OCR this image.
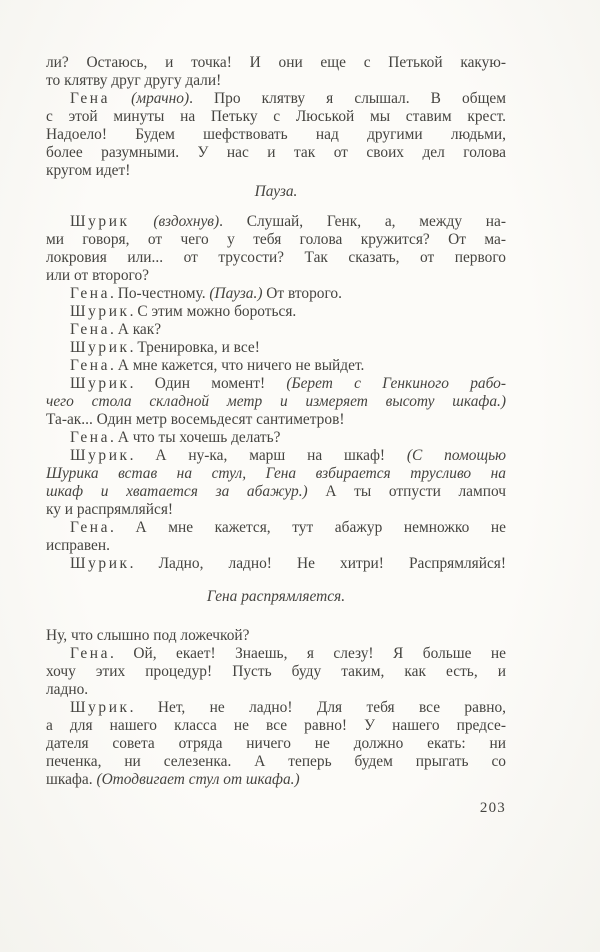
ли? Остаюсь, и точка! И они еще с Петькой какую-
то клятву друг другу дали!
Гена (мрачно). Про клятву я слышал. В общем
с этой минуты на Петьку с Люськой мы ставим крест.
Надоело! Будем шефствовать над другими людьми,
более разумными. У нас и так от своих дел голова
кругом идет!
Пауза.
Шурик (вздохнув). Слушай, Генк, а, между на-
ми говоря, от чего у тебя голова кружится? От ма-
локровия или... от трусости? Так сказать, от первого
или от второго?
Гена. По-честному. (Пауза.) От второго.
Шурик. С этим можно бороться.
Гена. А как?
Шурик. Тренировка, и все!
Гена. А мне кажется, что ничего не выйдет.
Шурик. Один момент! (Берет с Генкиного рабо-
чего стола складной метр и измеряет высоту шкафа.)
Та-ак... Один метр восемьдесят сантиметров!
Гена. А что ты хочешь делать?
Шурик. А ну-ка, марш на шкаф! (С помощью
Шурика встав на стул, Гена взбирается трусливо на
шкаф и хватается за абажур.) А ты отпусти лампоч
ку и распрямляйся!
Гена. А мне кажется, тут абажур немножко не
исправен.
Шурик. Ладно, ладно! Не хитри! Распрямляйся!
Гена распрямляется.
Ну, что слышно под ложечкой?
Гена. Ой, екает! Знаешь, я слезу! Я больше не
хочу этих процедур! Пусть буду таким, как есть, и
ладно.
Шурик. Нет, не ладно! Для тебя все равно,
а для нашего класса не все равно! У нашего предсе-
дателя совета отряда ничего не должно екать: ни
печенка, ни селезенка. А теперь будем прыгать со
шкафа. (Отодвигает стул от шкафа.)
203
